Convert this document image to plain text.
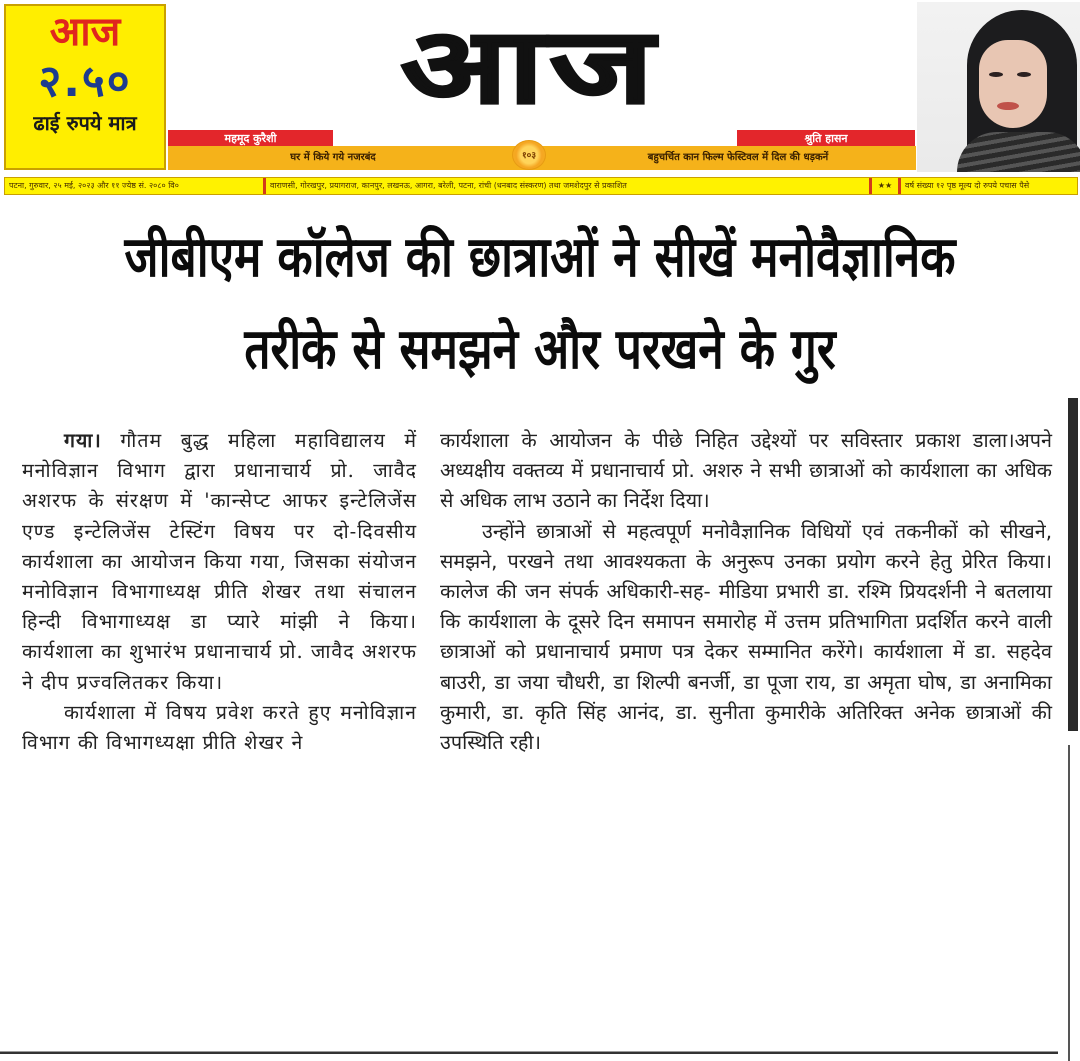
आज
२.५०
ढाई रुपये मात्र	आज
महमूद कुरैशी
घर में किये गये नजरबंद
श्रुति हासन
बहुचर्चित कान फिल्म फेस्टिवल में दिल की धड़कनें
१०३
पटना, गुरुवार, २५ मई, २०२३ और ११ ज्येष्ठ सं. २०८० वि०	वाराणसी, गोरखपुर, प्रयागराज, कानपुर, लखनऊ, आगरा, बरेली, पटना, रांची (धनबाद संस्करण) तथा जमशेदपुर से प्रकाशित	★★	वर्ष संख्या १२ पृष्ठ मूल्य दो रुपये पचास पैसे
जीबीएम कॉलेज की छात्राओं ने सीखें मनोवैज्ञानिक
तरीके से समझने और परखने के गुर

गया। गौतम बुद्ध महिला महाविद्यालय में मनोविज्ञान विभाग द्वारा प्रधानाचार्य प्रो. जावैद अशरफ के संरक्षण में 'कान्सेप्ट आफर इन्टेलिजेंस एण्ड इन्टेलिजेंस टेस्टिंग विषय पर दो-दिवसीय कार्यशाला का आयोजन किया गया, जिसका संयोजन मनोविज्ञान विभागाध्यक्ष प्रीति शेखर तथा संचालन हिन्दी विभागाध्यक्ष डा प्यारे मांझी ने किया। कार्यशाला का शुभारंभ प्रधानाचार्य प्रो. जावैद अशरफ ने दीप प्रज्वलितकर किया।

कार्यशाला में विषय प्रवेश करते हुए मनोविज्ञान विभाग की विभागध्यक्षा प्रीति शेखर ने

कार्यशाला के आयोजन के पीछे निहित उद्देश्यों पर सविस्तार प्रकाश डाला।अपने अध्यक्षीय वक्तव्य में प्रधानाचार्य प्रो. अशरु ने सभी छात्राओं को कार्यशाला का अधिक से अधिक लाभ उठाने का निर्देश दिया।

उन्होंने छात्राओं से महत्वपूर्ण मनोवैज्ञानिक विधियों एवं तकनीकों को सीखने, समझने, परखने तथा आवश्यकता के अनुरूप उनका प्रयोग करने हेतु प्रेरित किया। कालेज की जन संपर्क अधिकारी-सह- मीडिया प्रभारी डा. रश्मि प्रियदर्शनी ने बतलाया कि कार्यशाला के दूसरे दिन समापन समारोह में उत्तम प्रतिभागिता प्रदर्शित करने वाली छात्राओं को प्रधानाचार्य प्रमाण पत्र देकर सम्मानित करेंगे। कार्यशाला में डा. सहदेव बाउरी, डा जया चौधरी, डा शिल्पी बनर्जी, डा पूजा राय, डा अमृता घोष, डा अनामिका कुमारी, डा. कृति सिंह आनंद, डा. सुनीता कुमारीके अतिरिक्त अनेक छात्राओं की उपस्थिति रही।
